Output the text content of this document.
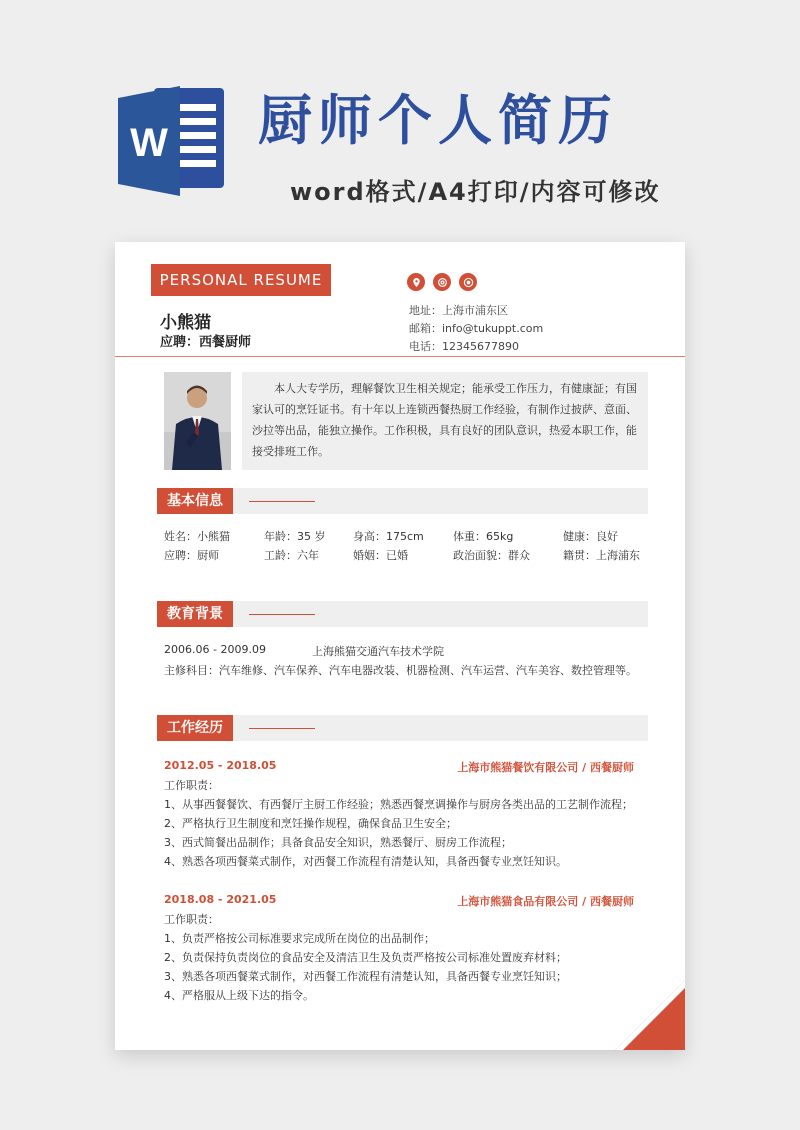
W 厨师个人简历
word格式/A4打印/内容可修改
PERSONAL RESUME
小熊猫
应聘：西餐厨师
地址：上海市浦东区
邮箱：info@tukuppt.com
电话：12345677890
本人大专学历，理解餐饮卫生相关规定；能承受工作压力，有健康証；有国家认可的烹饪证书。有十年以上连锁西餐热厨工作经验，有制作过披萨、意面、沙拉等出品，能独立操作。工作积极，具有良好的团队意识，热爱本职工作，能接受排班工作。
基本信息
姓名：小熊猫	年龄：35 岁	身高：175cm	体重：65kg	健康：良好
应聘：厨师	工龄：六年	婚姻：已婚	政治面貌：群众	籍贯：上海浦东
教育背景
2006.06 - 2009.09	上海熊猫交通汽车技术学院
主修科目：汽车维修、汽车保养、汽车电器改装、机器检测、汽车运营、汽车美容、数控管理等。
工作经历
2012.05 - 2018.05	上海市熊猫餐饮有限公司 / 西餐厨师
工作职责：
1、从事西餐餐饮、有西餐厅主厨工作经验；熟悉西餐烹调操作与厨房各类出品的工艺制作流程；
2、严格执行卫生制度和烹饪操作规程，确保食品卫生安全；
3、西式简餐出品制作；具备食品安全知识，熟悉餐厅、厨房工作流程；
4、熟悉各项西餐菜式制作，对西餐工作流程有清楚认知，具备西餐专业烹饪知识。
2018.08 - 2021.05	上海市熊猫食品有限公司 / 西餐厨师
工作职责：
1、负责严格按公司标准要求完成所在岗位的出品制作；
2、负责保持负责岗位的食品安全及清洁卫生及负责严格按公司标准处置废弃材料；
3、熟悉各项西餐菜式制作，对西餐工作流程有清楚认知，具备西餐专业烹饪知识；
4、严格服从上级下达的指令。
